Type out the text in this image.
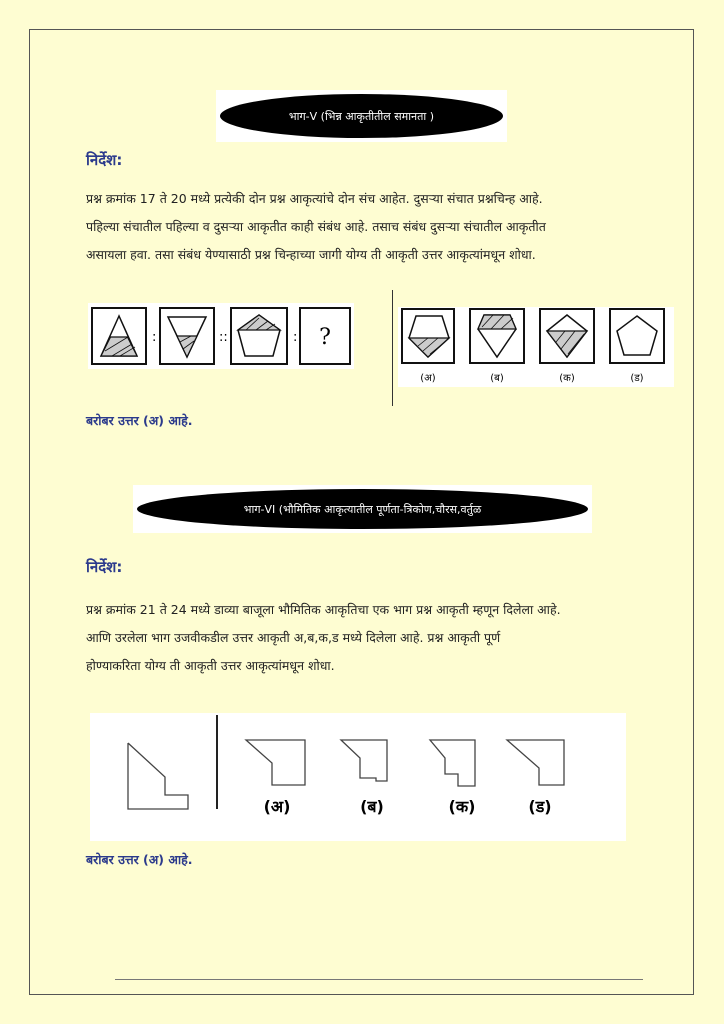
भाग-V (भिन्न आकृतीतील समानता )
निर्देश:

प्रश्न क्रमांक 17 ते 20 मध्ये प्रत्येकी दोन प्रश्न आकृत्यांचे दोन संच आहेत. दुसऱ्या संचात प्रश्नचिन्ह आहे.
पहिल्या संचातील पहिल्या व दुसऱ्या आकृतीत काही संबंध आहे. तसाच संबंध दुसऱ्या संचातील आकृतीत
असायला हवा. तसा संबंध येण्यासाठी प्रश्न चिन्हाच्या जागी योग्य ती आकृती उत्तर आकृत्यांमधून शोधा.

:	::	: ?
(अ)	(ब)	(क)	(ड)
बरोबर उत्तर (अ) आहे.
भाग-VI (भौमितिक आकृत्यातील पूर्णता-त्रिकोण,चौरस,वर्तुळ
निर्देश:

प्रश्न क्रमांक 21 ते 24 मध्ये डाव्या बाजूला भौमितिक आकृतिचा एक भाग प्रश्न आकृती म्हणून दिलेला आहे.
आणि उरलेला भाग उजवीकडील उत्तर आकृती अ,ब,क,ड मध्ये दिलेला आहे. प्रश्न आकृती पूर्ण
होण्याकरिता योग्य ती आकृती उत्तर आकृत्यांमधून शोधा.

(अ)	(ब)	(क)	(ड)
बरोबर उत्तर (अ) आहे.
